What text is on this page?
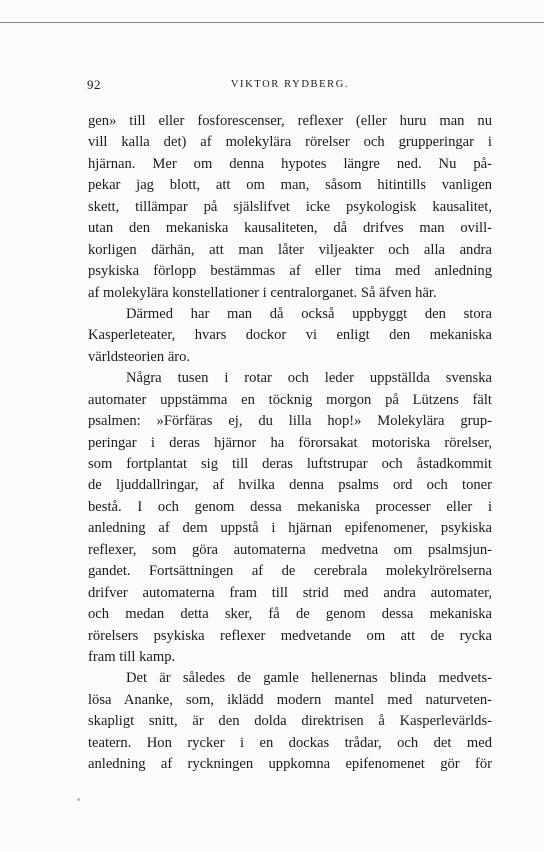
92	VIKTOR RYDBERG.
gen» till eller fosforescenser, reflexer (eller huru man nu
vill kalla det) af molekylära rörelser och grupperingar i
hjärnan. Mer om denna hypotes längre ned. Nu på-
pekar jag blott, att om man, såsom hitintills vanligen
skett, tillämpar på själslifvet icke psykologisk kausalitet,
utan den mekaniska kausaliteten, då drifves man ovill-
korligen därhän, att man låter viljeakter och alla andra
psykiska förlopp bestämmas af eller tima med anledning
af molekylära konstellationer i centralorganet. Så äfven här.
Därmed har man då också uppbyggt den stora
Kasperleteater, hvars dockor vi enligt den mekaniska
världsteorien äro.
Några tusen i rotar och leder uppställda svenska
automater uppstämma en töcknig morgon på Lützens fält
psalmen: »Förfäras ej, du lilla hop!» Molekylära grup-
peringar i deras hjärnor ha förorsakat motoriska rörelser,
som fortplantat sig till deras luftstrupar och åstadkommit
de ljuddallringar, af hvilka denna psalms ord och toner
bestå. I och genom dessa mekaniska processer eller i
anledning af dem uppstå i hjärnan epifenomener, psykiska
reflexer, som göra automaterna medvetna om psalmsjun-
gandet. Fortsättningen af de cerebrala molekylrörelserna
drifver automaterna fram till strid med andra automater,
och medan detta sker, få de genom dessa mekaniska
rörelsers psykiska reflexer medvetande om att de rycka
fram till kamp.
Det är således de gamle hellenernas blinda medvets-
lösa Ananke, som, iklädd modern mantel med naturveten-
skapligt snitt, är den dolda direktrisen å Kasperlevärlds-
teatern. Hon rycker i en dockas trådar, och det med
anledning af ryckningen uppkomna epifenomenet gör för
